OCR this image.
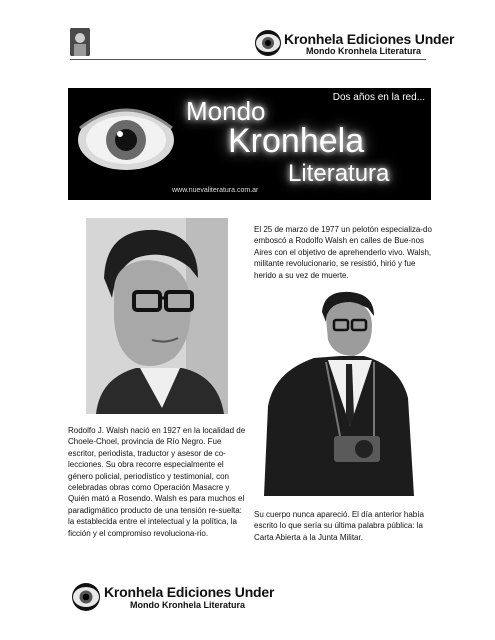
Kronhela Ediciones Under
Mondo Kronhela Literatura
Dos años en la red...
Mondo
Kronhela
Literatura
www.nuevaliteratura.com.ar
El 25 de marzo de 1977 un pelotón especializa-do emboscó a Rodolfo Walsh en calles de Bue-nos Aires con el objetivo de aprehenderlo vivo. Walsh, militante revolucionario, se resistió, hirió y fue herido a su vez de muerte.
Rodolfo J. Walsh nació en 1927 en la localidad de Choele-Choel, provincia de Río Negro. Fue escritor, periodista, traductor y asesor de co-lecciones. Su obra recorre especialmente el género policial, periodístico y testimonial, con celebradas obras como Operación Masacre y Quién mató a Rosendo. Walsh es para muchos el paradigmático producto de una tensión re-suelta: la establecida entre el intelectual y la política, la ficción y el compromiso revoluciona-rio.
Su cuerpo nunca apareció. El día anterior había escrito lo que sería su última palabra pública: la Carta Abierta a la Junta Militar.
Kronhela Ediciones Under
Mondo Kronhela Literatura
